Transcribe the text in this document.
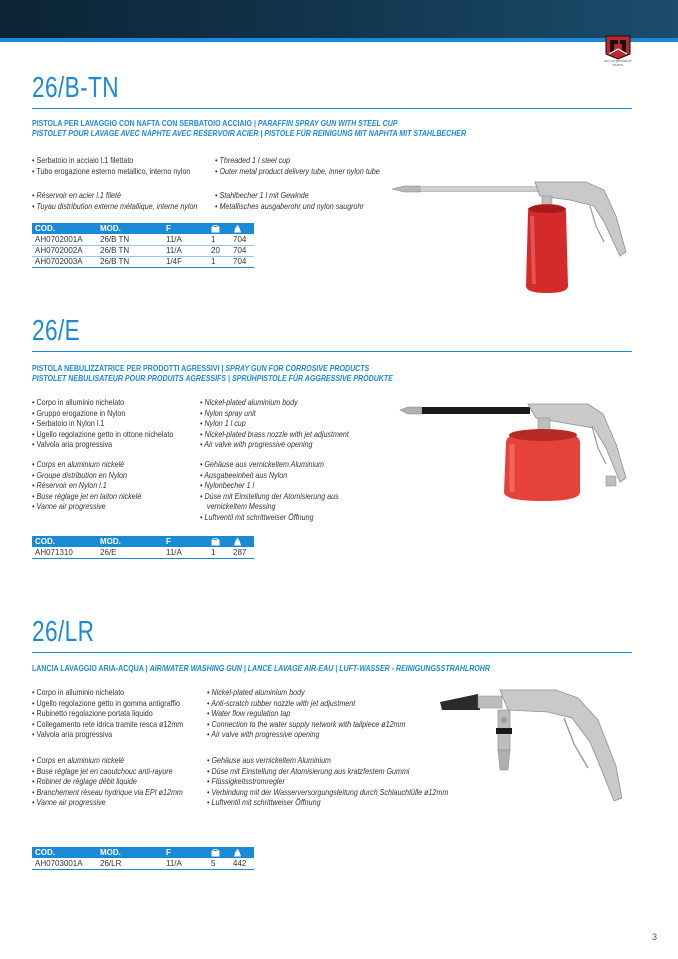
ANI COMPONENT PARTS
26/B-TN
PISTOLA PER LAVAGGIO CON NAFTA CON SERBATOIO ACCIAIO | PARAFFIN SPRAY GUN WITH STEEL CUP
PISTOLET POUR LAVAGE AVEC NAPHTE AVEC RESERVOIR ACIER | PISTOLE FÜR REINIGUNG MIT NAPHTA MIT STAHLBECHER
• Serbatoio in acciaio l.1 filettato
• Tubo erogazione esterno metallico, interno nylon
• Threaded 1 l steel cup
• Outer metal product delivery tube, inner nylon tube
• Réservoir en acier l.1 fileté
• Tuyau distribution externe métallique, interne nylon
• Stahlbecher 1 l mit Gewinde
• Metallisches ausgaberohr und nylon saugrohr
COD.	MOD.	F		
AH0702001A	26/B TN	11/A	1	704
AH0702002A	26/B TN	11/A	20	704
AH0702003A	26/B TN	1/4F	1	704
26/E
PISTOLA NEBULIZZATRICE PER PRODOTTI AGRESSIVI | SPRAY GUN FOR CORROSIVE PRODUCTS
PISTOLET NEBULISATEUR POUR PRODUITS AGRESSIFS | SPRÜHPISTOLE FÜR AGGRESSIVE PRODUKTE
• Corpo in alluminio nichelato
• Gruppo erogazione in Nylon
• Serbatoio in Nylon l.1
• Ugello regolazione getto in ottone nichelato
• Valvola aria progressiva
• Nickel-plated aluminium body
• Nylon spray unit
• Nylon 1 l cup
• Nickel-plated brass nozzle with jet adjustment
• Air valve with progressive opening
• Corps en aluminium nickelé
• Groupe distribution en Nylon
• Réservoir en Nylon l.1
• Buse réglage jet en laiton nickelé
• Vanne air progressive
• Gehäuse aus vernickeltem Aluminium
• Ausgabeeinheit aus Nylon
• Nylonbecher 1 l
• Düse mit Einstellung der Atomisierung aus
vernickeltem Messing
• Luftventil mit schrittweiser Öffnung
COD.	MOD.	F		
AH071310	26/E	11/A	1	287
26/LR
LANCIA LAVAGGIO ARIA-ACQUA | AIR/WATER WASHING GUN | LANCE LAVAGE AIR-EAU | LUFT-WASSER - REINIGUNGSSTRAHLROHR
• Corpo in alluminio nichelato
• Ugello regolazione getto in gomma antigraffio
• Rubinetto regolazione portata liquido
• Collegamento rete idrica tramite resca ø12mm
• Valvola aria progressiva
• Nickel-plated aluminium body
• Anti-scratch rubber nozzle with jet adjustment
• Water flow regulation tap
• Connection to the water supply network with tailpiece ø12mm
• Air valve with progressive opening
• Corps en aluminium nickelé
• Buse réglage jet en caoutchouc anti-rayure
• Robinet de réglage débit liquide
• Branchement réseau hydrique via EPI ø12mm
• Vanne air progressive
• Gehäuse aus vernickeltem Aluminium
• Düse mit Einstellung der Atomisierung aus kratzfestem Gummi
• Flüssigkeitsstromregler
• Verbindung mit der Wasserversorgungsleitung durch Schlauchtülle ø12mm
• Luftventil mit schrittweiser Öffnung
COD.	MOD.	F		
AH0703001A	26/LR	11/A	5	442
3
